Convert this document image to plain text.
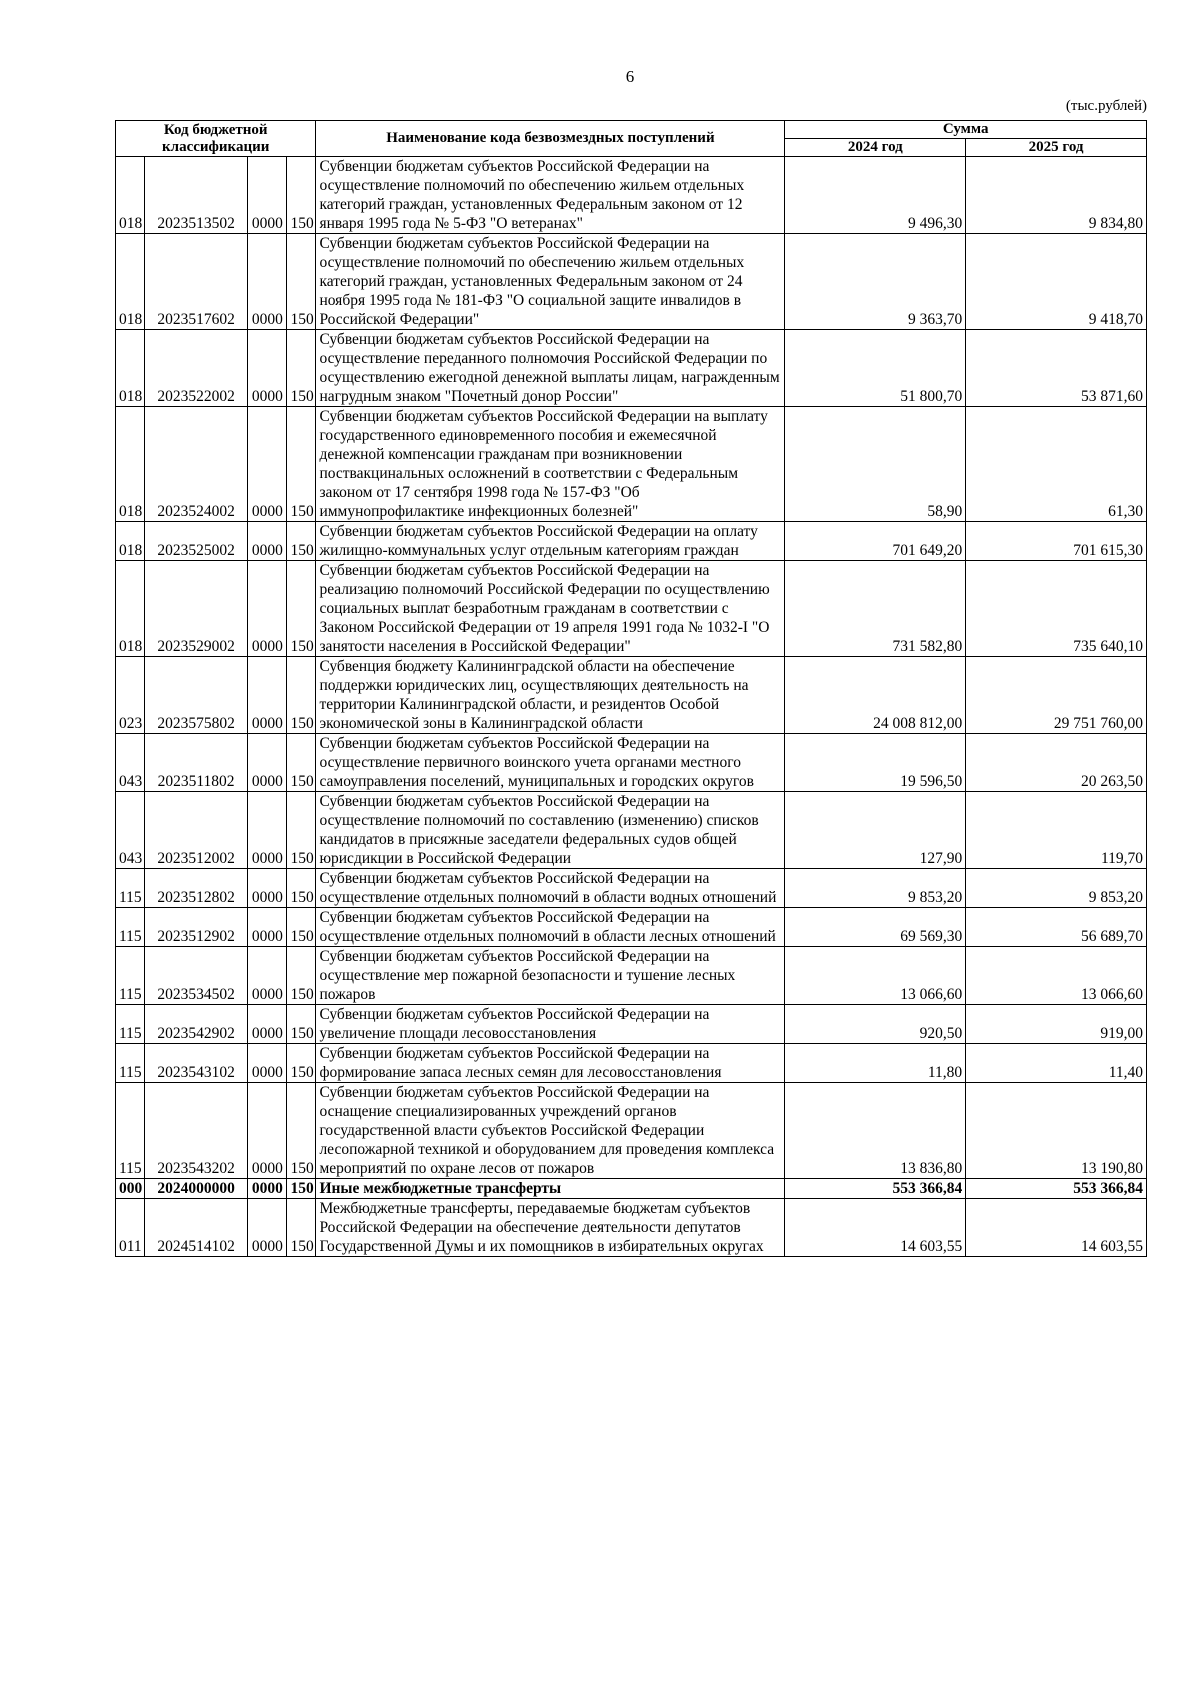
6
(тыс.рублей)
Код бюджетной классификации				Наименование кода безвозмездных поступлений	Сумма	
					2024 год	2025 год
018	2023513502	0000	150	Субвенции бюджетам субъектов Российской Федерации на осуществление полномочий по обеспечению жильем отдельных категорий граждан, установленных Федеральным законом от 12 января 1995 года № 5-ФЗ "О ветеранах"	9 496,30	9 834,80
018	2023517602	0000	150	Субвенции бюджетам субъектов Российской Федерации на осуществление полномочий по обеспечению жильем отдельных категорий граждан, установленных Федеральным законом от 24 ноября 1995 года № 181-ФЗ "О социальной защите инвалидов в Российской Федерации"	9 363,70	9 418,70
018	2023522002	0000	150	Субвенции бюджетам субъектов Российской Федерации на осуществление переданного полномочия Российской Федерации по осуществлению ежегодной денежной выплаты лицам, награжденным нагрудным знаком "Почетный донор России"	51 800,70	53 871,60
018	2023524002	0000	150	Субвенции бюджетам субъектов Российской Федерации на выплату государственного единовременного пособия и ежемесячной денежной компенсации гражданам при возникновении поствакцинальных осложнений в соответствии с Федеральным законом от 17 сентября 1998 года № 157-ФЗ "Об иммунопрофилактике инфекционных болезней"	58,90	61,30
018	2023525002	0000	150	Субвенции бюджетам субъектов Российской Федерации на оплату жилищно-коммунальных услуг отдельным категориям граждан	701 649,20	701 615,30
018	2023529002	0000	150	Субвенции бюджетам субъектов Российской Федерации на реализацию полномочий Российской Федерации по осуществлению социальных выплат безработным гражданам в соответствии с Законом Российской Федерации от 19 апреля 1991 года № 1032-I "О занятости населения в Российской Федерации"	731 582,80	735 640,10
023	2023575802	0000	150	Субвенция бюджету Калининградской области на обеспечение поддержки юридических лиц, осуществляющих деятельность на территории Калининградской области, и резидентов Особой экономической зоны в Калининградской области	24 008 812,00	29 751 760,00
043	2023511802	0000	150	Субвенции бюджетам субъектов Российской Федерации на осуществление первичного воинского учета органами местного самоуправления поселений, муниципальных и городских округов	19 596,50	20 263,50
043	2023512002	0000	150	Субвенции бюджетам субъектов Российской Федерации на осуществление полномочий по составлению (изменению) списков кандидатов в присяжные заседатели федеральных судов общей юрисдикции в Российской Федерации	127,90	119,70
115	2023512802	0000	150	Субвенции бюджетам субъектов Российской Федерации на осуществление отдельных полномочий в области водных отношений	9 853,20	9 853,20
115	2023512902	0000	150	Субвенции бюджетам субъектов Российской Федерации на осуществление отдельных полномочий в области лесных отношений	69 569,30	56 689,70
115	2023534502	0000	150	Субвенции бюджетам субъектов Российской Федерации на осуществление мер пожарной безопасности и тушение лесных пожаров	13 066,60	13 066,60
115	2023542902	0000	150	Субвенции бюджетам субъектов Российской Федерации на увеличение площади лесовосстановления	920,50	919,00
115	2023543102	0000	150	Субвенции бюджетам субъектов Российской Федерации на формирование запаса лесных семян для лесовосстановления	11,80	11,40
115	2023543202	0000	150	Субвенции бюджетам субъектов Российской Федерации на оснащение специализированных учреждений органов государственной власти субъектов Российской Федерации лесопожарной техникой и оборудованием для проведения комплекса мероприятий по охране лесов от пожаров	13 836,80	13 190,80
000	2024000000	0000	150	Иные межбюджетные трансферты	553 366,84	553 366,84
011	2024514102	0000	150	Межбюджетные трансферты, передаваемые бюджетам субъектов Российской Федерации на обеспечение деятельности депутатов Государственной Думы и их помощников в избирательных округах	14 603,55	14 603,55
